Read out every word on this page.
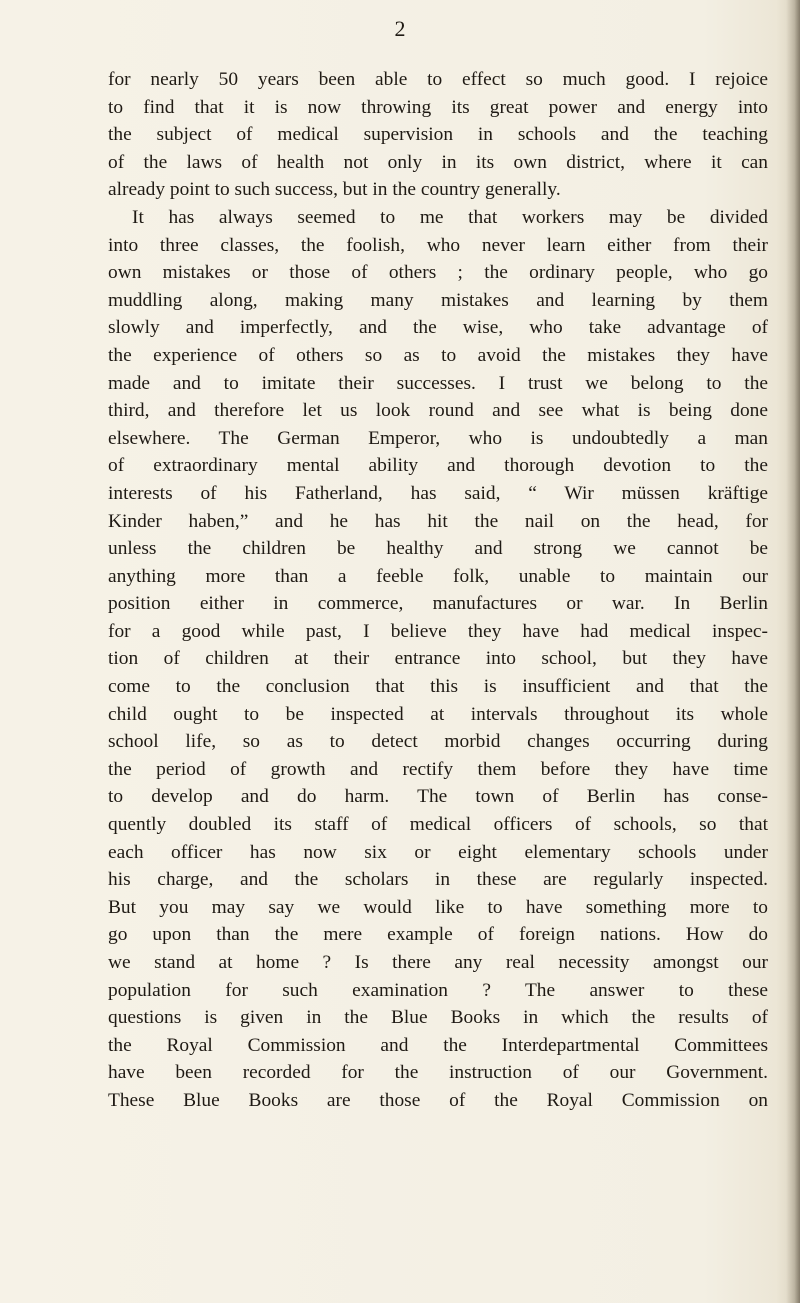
2
for nearly 50 years been able to effect so much good. I rejoice
to find that it is now throwing its great power and energy into
the subject of medical supervision in schools and the teaching
of the laws of health not only in its own district, where it can
already point to such success, but in the country generally.
It has always seemed to me that workers may be divided
into three classes, the foolish, who never learn either from their
own mistakes or those of others ; the ordinary people, who go
muddling along, making many mistakes and learning by them
slowly and imperfectly, and the wise, who take advantage of
the experience of others so as to avoid the mistakes they have
made and to imitate their successes. I trust we belong to the
third, and therefore let us look round and see what is being done
elsewhere. The German Emperor, who is undoubtedly a man
of extraordinary mental ability and thorough devotion to the
interests of his Fatherland, has said, “ Wir müssen kräftige
Kinder haben,” and he has hit the nail on the head, for
unless the children be healthy and strong we cannot be
anything more than a feeble folk, unable to maintain our
position either in commerce, manufactures or war. In Berlin
for a good while past, I believe they have had medical inspec-
tion of children at their entrance into school, but they have
come to the conclusion that this is insufficient and that the
child ought to be inspected at intervals throughout its whole
school life, so as to detect morbid changes occurring during
the period of growth and rectify them before they have time
to develop and do harm. The town of Berlin has conse-
quently doubled its staff of medical officers of schools, so that
each officer has now six or eight elementary schools under
his charge, and the scholars in these are regularly inspected.
But you may say we would like to have something more to
go upon than the mere example of foreign nations. How do
we stand at home ? Is there any real necessity amongst our
population for such examination ? The answer to these
questions is given in the Blue Books in which the results of
the Royal Commission and the Interdepartmental Committees
have been recorded for the instruction of our Government.
These Blue Books are those of the Royal Commission on
